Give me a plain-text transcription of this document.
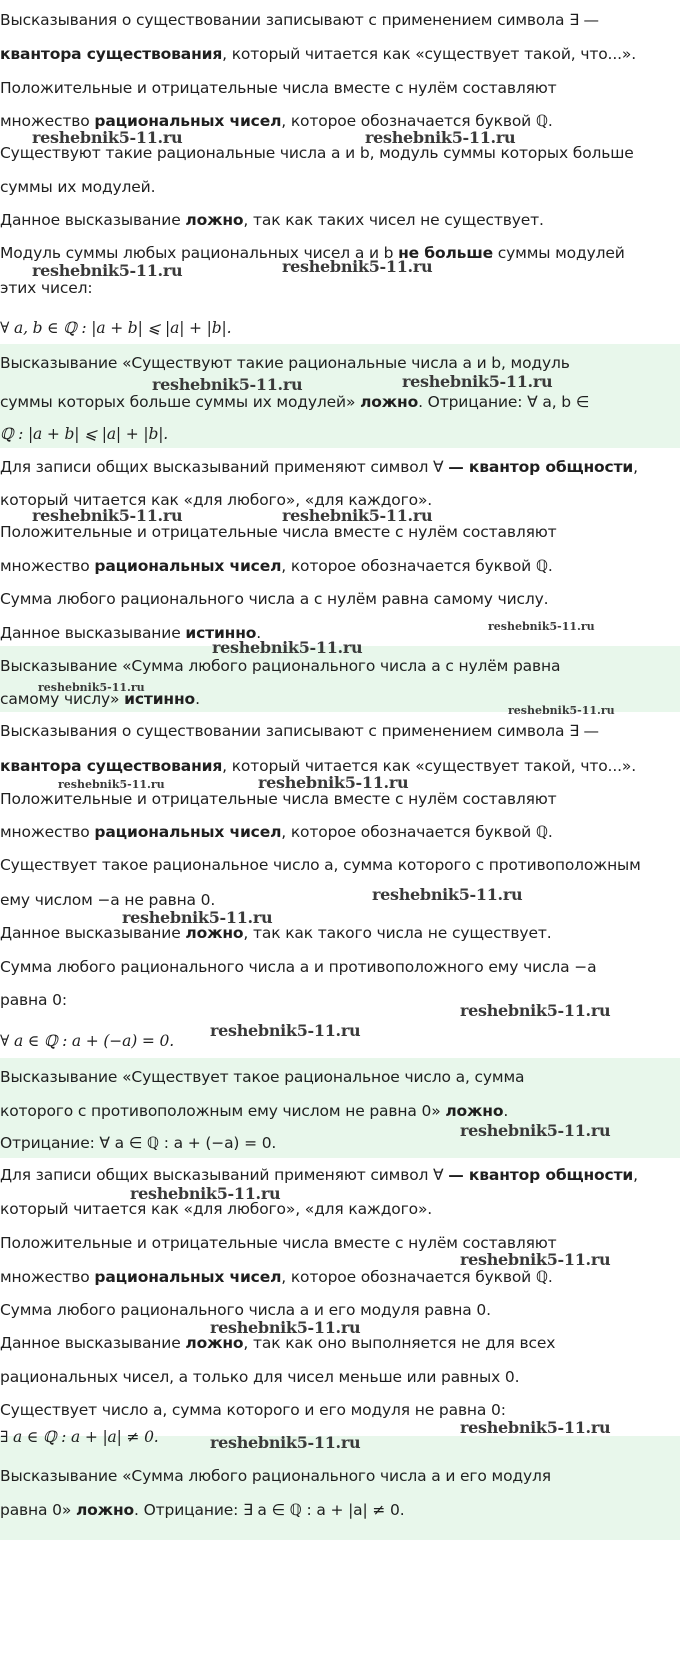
Высказывания о существовании записывают с применением символа ∃ —

квантора существования, который читается как «существует такой, что...».

Положительные и отрицательные числа вместе с нулём составляют

множество рациональных чисел, которое обозначается буквой ℚ.

Существуют такие рациональные числа a и b, модуль суммы которых больше

суммы их модулей.

Данное высказывание ложно, так как таких чисел не существует.

Модуль суммы любых рациональных чисел a и b не больше суммы модулей

этих чисел:

∀ a, b ∈ ℚ : |a + b| ⩽ |a| + |b|.

Высказывание «Существуют такие рациональные числа a и b, модуль

суммы которых больше суммы их модулей» ложно. Отрицание: ∀ a, b ∈

ℚ : |a + b| ⩽ |a| + |b|.

Для записи общих высказываний применяют символ ∀ — квантор общности,

который читается как «для любого», «для каждого».

Положительные и отрицательные числа вместе с нулём составляют

множество рациональных чисел, которое обозначается буквой ℚ.

Сумма любого рационального числа a с нулём равна самому числу.

Данное высказывание истинно.

Высказывание «Сумма любого рационального числа a с нулём равна

самому числу» истинно.

Высказывания о существовании записывают с применением символа ∃ —

квантора существования, который читается как «существует такой, что...».

Положительные и отрицательные числа вместе с нулём составляют

множество рациональных чисел, которое обозначается буквой ℚ.

Существует такое рациональное число a, сумма которого с противоположным

ему числом −a не равна 0.

Данное высказывание ложно, так как такого числа не существует.

Сумма любого рационального числа a и противоположного ему числа −a

равна 0:

∀ a ∈ ℚ : a + (−a) = 0.

Высказывание «Существует такое рациональное число a, сумма

которого с противоположным ему числом не равна 0» ложно.

Отрицание: ∀ a ∈ ℚ : a + (−a) = 0.

Для записи общих высказываний применяют символ ∀ — квантор общности,

который читается как «для любого», «для каждого».

Положительные и отрицательные числа вместе с нулём составляют

множество рациональных чисел, которое обозначается буквой ℚ.

Сумма любого рационального числа a и его модуля равна 0.

Данное высказывание ложно, так как оно выполняется не для всех

рациональных чисел, а только для чисел меньше или равных 0.

Существует число a, сумма которого и его модуля не равна 0:

∃ a ∈ ℚ : a + |a| ≠ 0.

Высказывание «Сумма любого рационального числа a и его модуля

равна 0» ложно. Отрицание: ∃ a ∈ ℚ : a + |a| ≠ 0.

reshebnik5-11.ru	reshebnik5-11.ru
reshebnik5-11.ru	reshebnik5-11.ru
reshebnik5-11.ru	reshebnik5-11.ru
reshebnik5-11.ru	reshebnik5-11.ru
reshebnik5-11.ru
reshebnik5-11.ru
reshebnik5-11.ru
reshebnik5-11.ru
reshebnik5-11.ru	reshebnik5-11.ru
reshebnik5-11.ru
reshebnik5-11.ru
reshebnik5-11.ru
reshebnik5-11.ru
reshebnik5-11.ru
reshebnik5-11.ru
reshebnik5-11.ru
reshebnik5-11.ru
reshebnik5-11.ru
reshebnik5-11.ru
